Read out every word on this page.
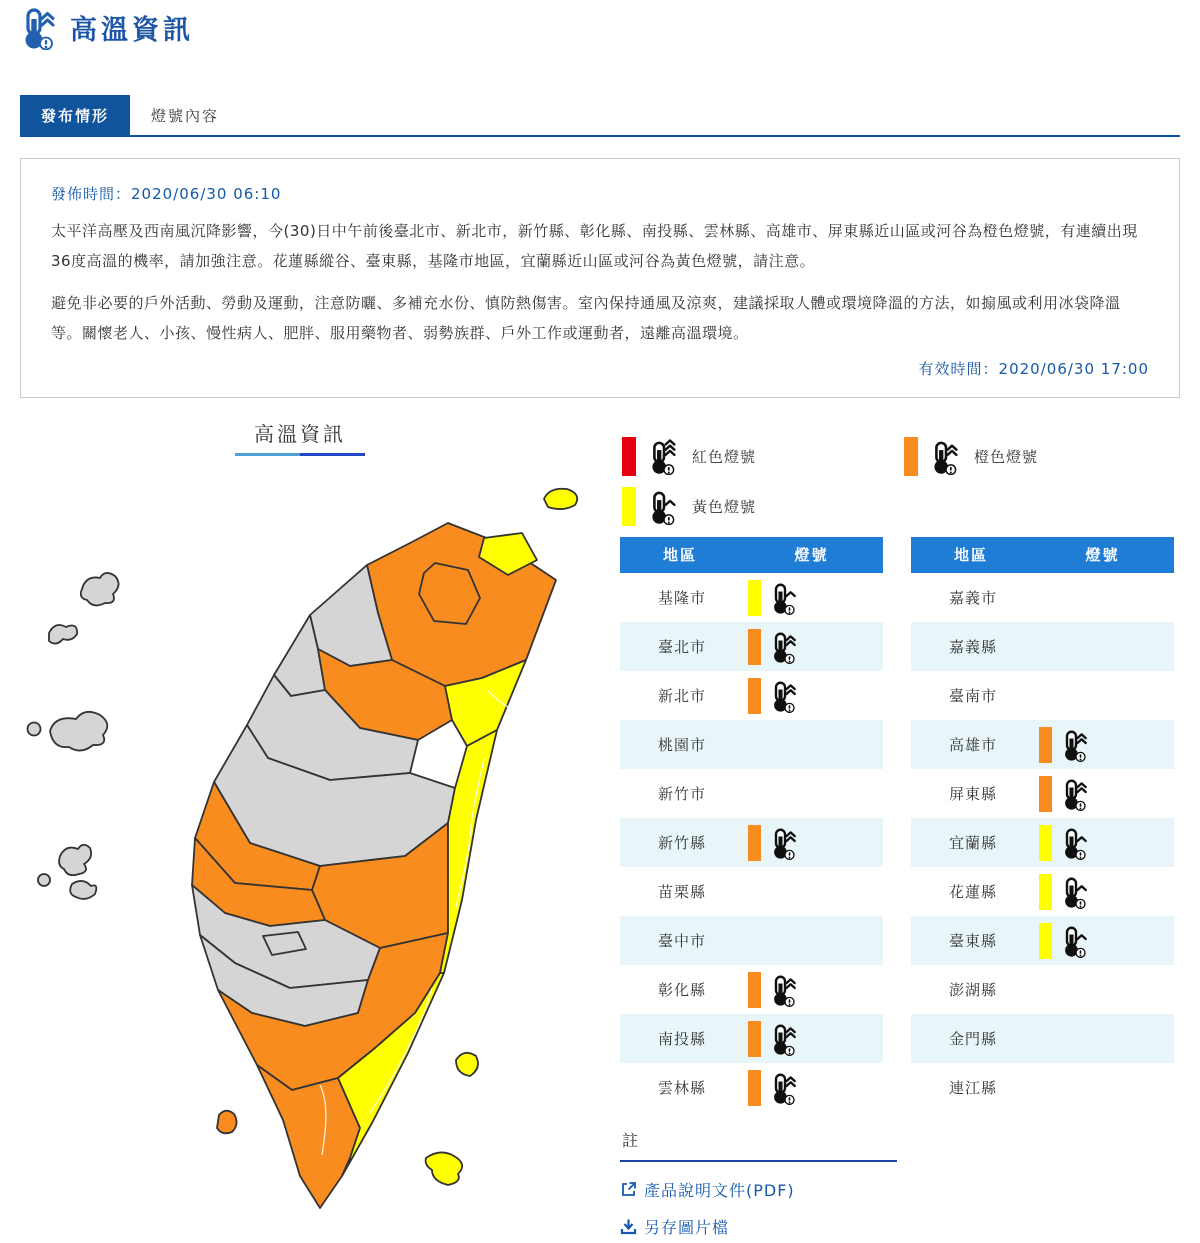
高溫資訊
發布情形	燈號內容
發佈時間：2020/06/30 06:10
太平洋高壓及西南風沉降影響，今(30)日中午前後臺北市、新北市，新竹縣、彰化縣、南投縣、雲林縣、高雄市、屏東縣近山區或河谷為橙色燈號，有連續出現36度高溫的機率，請加強注意。花蓮縣縱谷、臺東縣，基隆市地區，宜蘭縣近山區或河谷為黃色燈號，請注意。
避免非必要的戶外活動、勞動及運動，注意防曬、多補充水份、慎防熱傷害。室內保持通風及涼爽，建議採取人體或環境降溫的方法，如搧風或利用冰袋降溫等。關懷老人、小孩、慢性病人、肥胖、服用藥物者、弱勢族群、戶外工作或運動者，遠離高溫環境。
有效時間：2020/06/30 17:00
高溫資訊
紅色燈號	橙色燈號
黃色燈號
地區	燈號
基隆市
臺北市
新北市
桃園市
新竹市
新竹縣
苗栗縣
臺中市
彰化縣
南投縣
雲林縣
地區	燈號
嘉義市
嘉義縣
臺南市
高雄市
屏東縣
宜蘭縣
花蓮縣
臺東縣
澎湖縣
金門縣
連江縣
註
產品說明文件(PDF)
另存圖片檔
